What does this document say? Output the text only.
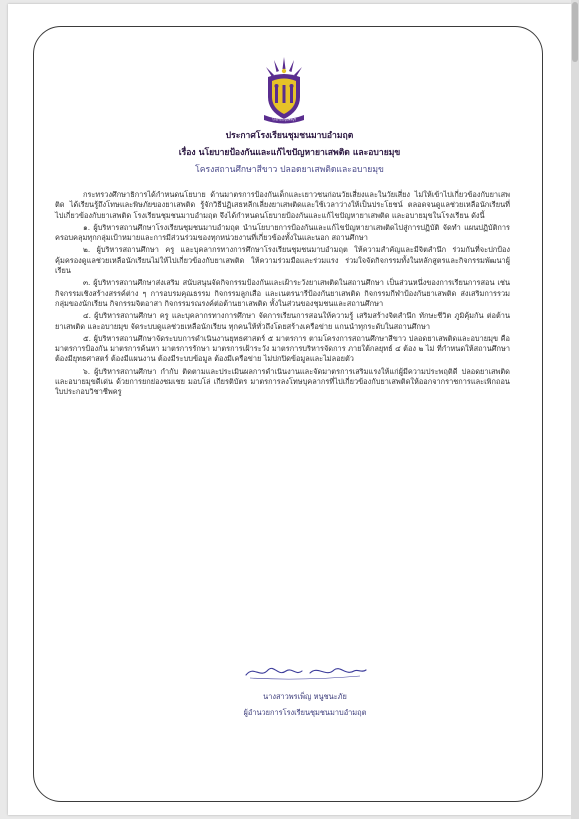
โรงเรียนชุมพลบุรี
ประกาศโรงเรียนชุมชนมาบอำมฤต
เรื่อง นโยบายป้องกันและแก้ไขปัญหายาเสพติด และอบายมุข
โครงสถานศึกษาสีขาว ปลอดยาเสพติดและอบายมุข

กระทรวงศึกษาธิการได้กำหนดนโยบาย ด้านมาตรการป้องกันเด็กและเยาวชนก่อนวัยเสี่ยงและในวัยเสี่ยง ไม่ให้เข้าไปเกี่ยวข้องกับยาเสพติด ได้เรียนรู้ถึงโทษและพิษภัยของยาเสพติด รู้จักวิธีปฏิเสธหลีกเลี่ยงยาเสพติดและใช้เวลาว่างให้เป็นประโยชน์ ตลอดจนดูแลช่วยเหลือนักเรียนที่ไปเกี่ยวข้องกับยาเสพติด โรงเรียนชุมชนมาบอำมฤต จึงได้กำหนดนโยบายป้องกันและแก้ไขปัญหายาเสพติด และอบายมุขในโรงเรียน ดังนี้

๑. ผู้บริหารสถานศึกษาโรงเรียนชุมชนมาบอำมฤต นำนโยบายการป้องกันและแก้ไขปัญหายาเสพติดไปสู่การปฏิบัติ จัดทำ แผนปฏิบัติการครอบคลุมทุกกลุ่มเป้าหมายและการมีส่วนร่วมของทุกหน่วยงานที่เกี่ยวข้องทั้งในและนอก สถานศึกษา

๒. ผู้บริหารสถานศึกษา ครู และบุคลากรทางการศึกษาโรงเรียนชุมชนมาบอำมฤต ให้ความสำคัญและมีจิตสำนึก ร่วมกันที่จะปกป้องคุ้มครองดูแลช่วยเหลือนักเรียนไม่ให้ไปเกี่ยวข้องกับยาเสพติด ให้ความร่วมมือและร่วมแรง ร่วมใจจัดกิจกรรมทั้งในหลักสูตรและกิจกรรมพัฒนาผู้เรียน

๓. ผู้บริหารสถานศึกษาส่งเสริม สนับสนุนจัดกิจกรรมป้องกันและเฝ้าระวังยาเสพติดในสถานศึกษา เป็นส่วนหนึ่งของการเรียนการสอน เช่น กิจกรรมเชิงสร้างสรรค์ต่าง ๆ การอบรมคุณธรรม กิจกรรมลูกเสือ และเนตรนารีป้องกันยาเสพติด กิจกรรมกีฬาป้องกันยาเสพติด ส่งเสริมการรวมกลุ่มของนักเรียน กิจกรรมจิตอาสา กิจกรรมรณรงค์ต่อต้านยาเสพติด ทั้งในส่วนของชุมชนและสถานศึกษา

๔. ผู้บริหารสถานศึกษา ครู และบุคลากรทางการศึกษา จัดการเรียนการสอนให้ความรู้ เสริมสร้างจิตสำนึก ทักษะชีวิต ภูมิคุ้มกัน ต่อต้านยาเสพติด และอบายมุข จัดระบบดูแลช่วยเหลือนักเรียน ทุกคนให้ทั่วถึงโดยสร้างเครือข่าย แกนนำทุกระดับในสถานศึกษา

๕. ผู้บริหารสถานศึกษาจัดระบบการดำเนินงานยุทธศาสตร์ ๕ มาตรการ ตามโครงการสถานศึกษาสีขาว ปลอดยาเสพติดและอบายมุข คือ มาตรการป้องกัน มาตรการค้นหา มาตรการรักษา มาตรการเฝ้าระวัง มาตรการบริหารจัดการ ภายใต้กลยุทธ์ ๔ ต้อง ๒ ไม่ ที่กำหนดให้สถานศึกษาต้องมียุทธศาสตร์ ต้องมีแผนงาน ต้องมีระบบข้อมูล ต้องมีเครือข่าย ไม่ปกปิดข้อมูลและไม่ลอยตัว

๖. ผู้บริหารสถานศึกษา กำกับ ติดตามและประเมินผลการดำเนินงานและจัดมาตรการเสริมแรงให้แก่ผู้มีความประพฤติดี ปลอดยาเสพติดและอบายมุขดีเด่น ด้วยการยกย่องชมเชย มอบโล่ เกียรติบัตร มาตรการลงโทษบุคลากรที่ไปเกี่ยวข้องกับยาเสพติดให้ออกจากราชการและเพิกถอนใบประกอบวิชาชีพครู

นางสาวพรเพ็ญ หนูชนะภัย
ผู้อำนวยการโรงเรียนชุมชนมาบอำมฤต
